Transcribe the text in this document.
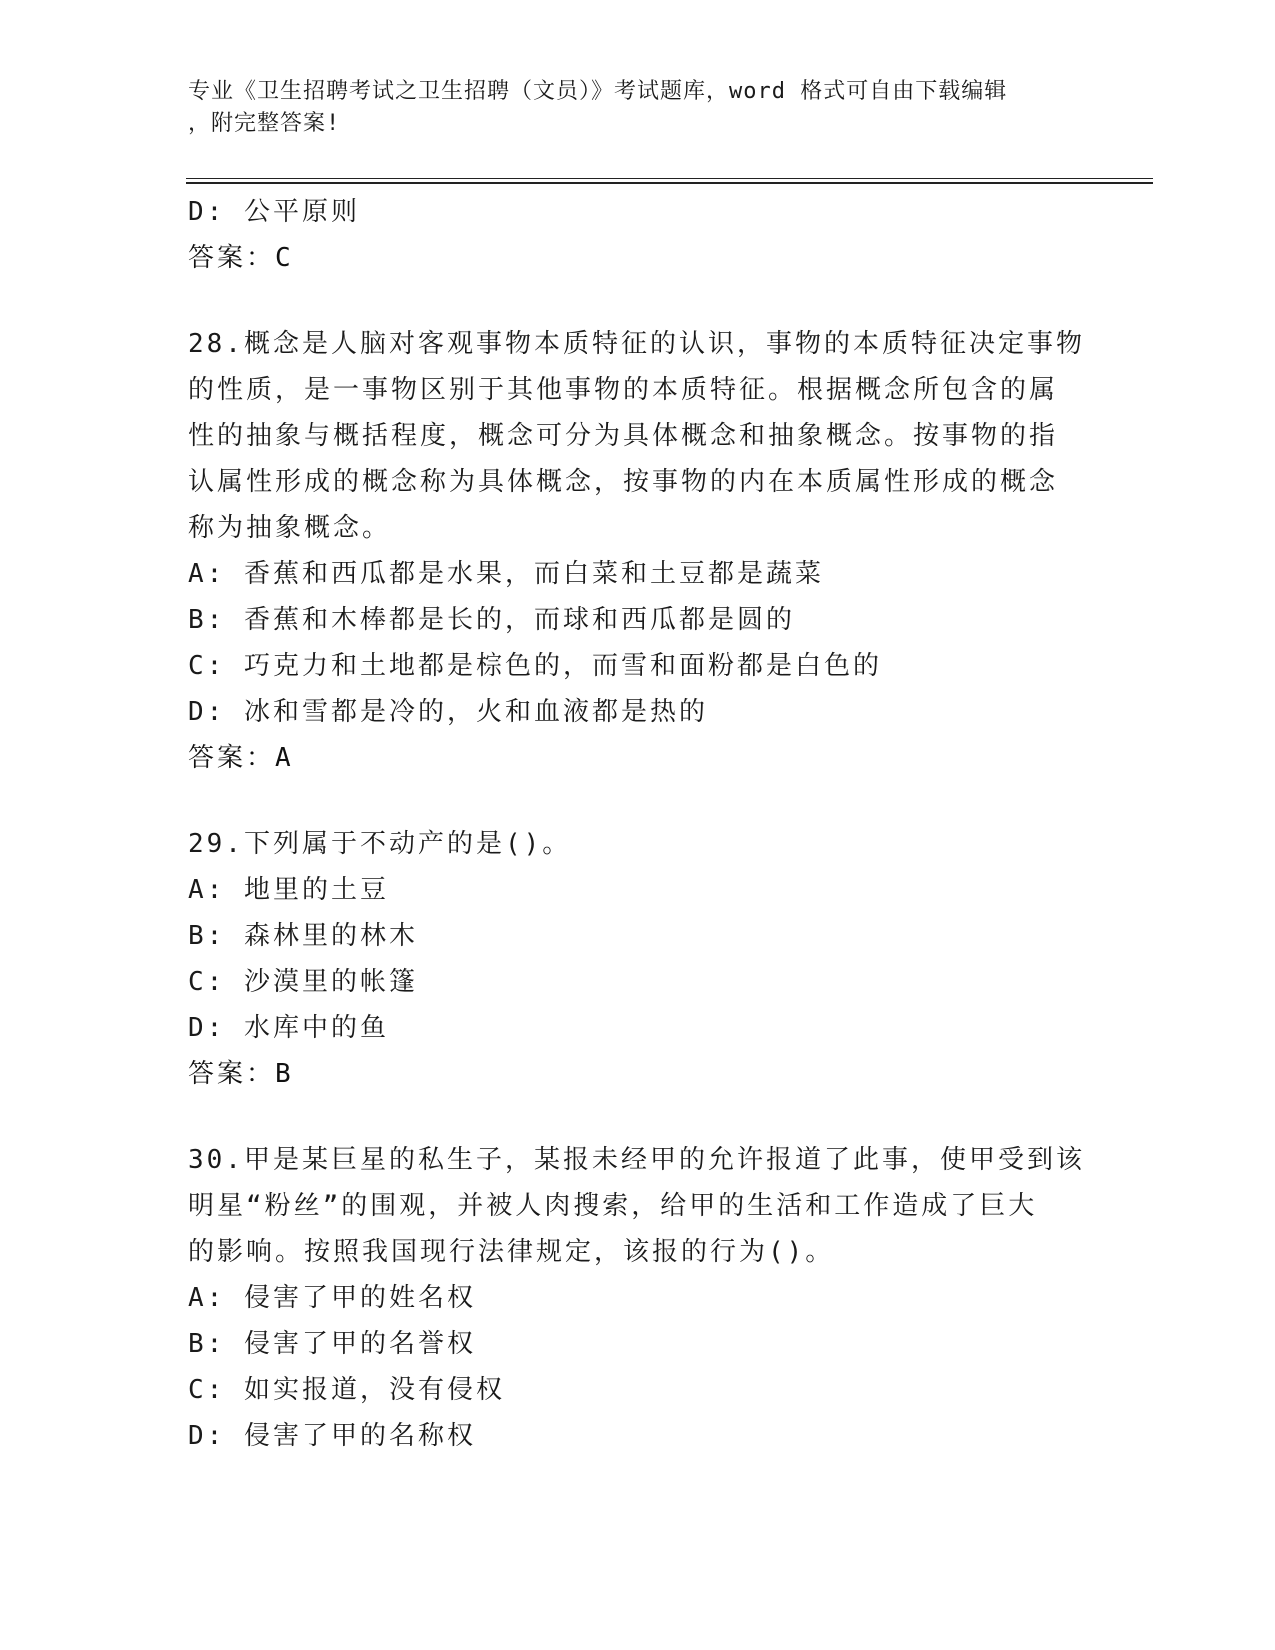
专业《卫生招聘考试之卫生招聘（文员）》考试题库，word 格式可自由下载编辑

，附完整答案!

D: 公平原则
答案：C
28.概念是人脑对客观事物本质特征的认识，事物的本质特征决定事物
的性质，是一事物区别于其他事物的本质特征。根据概念所包含的属
性的抽象与概括程度，概念可分为具体概念和抽象概念。按事物的指
认属性形成的概念称为具体概念，按事物的内在本质属性形成的概念
称为抽象概念。
A: 香蕉和西瓜都是水果，而白菜和土豆都是蔬菜
B: 香蕉和木棒都是长的，而球和西瓜都是圆的
C: 巧克力和土地都是棕色的，而雪和面粉都是白色的
D: 冰和雪都是冷的，火和血液都是热的
答案：A
29.下列属于不动产的是()。
A: 地里的土豆
B: 森林里的林木
C: 沙漠里的帐篷
D: 水库中的鱼
答案：B
30.甲是某巨星的私生子，某报未经甲的允许报道了此事，使甲受到该
明星“粉丝”的围观，并被人肉搜索，给甲的生活和工作造成了巨大
的影响。按照我国现行法律规定，该报的行为()。
A: 侵害了甲的姓名权
B: 侵害了甲的名誉权
C: 如实报道，没有侵权
D: 侵害了甲的名称权
